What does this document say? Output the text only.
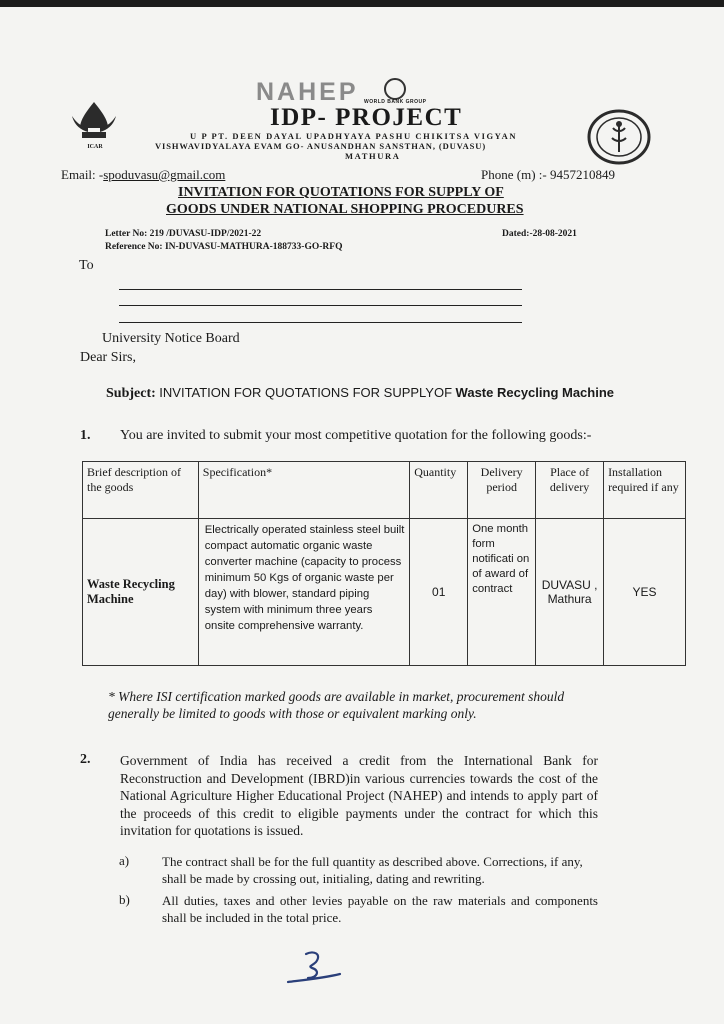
NAHEP WORLD BANK GROUP
IDP- PROJECT
U P PT. DEEN DAYAL UPADHYAYA PASHU CHIKITSA VIGYAN
VISHWAVIDYALAYA EVAM GO- ANUSANDHAN SANSTHAN, (DUVASU)
MATHURA
ICAR
Email: -spoduvasu@gmail.com	Phone (m) :- 9457210849
INVITATION FOR QUOTATIONS FOR SUPPLY OF
GOODS UNDER NATIONAL SHOPPING PROCEDURES
Letter No: 219 /DUVASU-IDP/2021-22
Reference No: IN-DUVASU-MATHURA-188733-GO-RFQ
Dated:-28-08-2021
To
University Notice Board
Dear Sirs,
Subject: INVITATION FOR QUOTATIONS FOR SUPPLYOF Waste Recycling Machine
1. You are invited to submit your most competitive quotation for the following goods:-
Brief description of the goods	Specification*	Quantity	Delivery period	Place of delivery	Installation required if any
Waste Recycling Machine	Electrically operated stainless steel built compact automatic organic waste converter machine (capacity to process minimum 50 Kgs of organic waste per day) with blower, standard piping system with minimum three years onsite comprehensive warranty.	01	One month form notificati on of award of contract	DUVASU , Mathura	YES
* Where ISI certification marked goods are available in market, procurement should generally be limited to goods with those or equivalent marking only.
2. Government of India has received a credit from the International Bank for Reconstruction and Development (IBRD)in various currencies towards the cost of the National Agriculture Higher Educational Project (NAHEP) and intends to apply part of the proceeds of this credit to eligible payments under the contract for which this invitation for quotations is issued.
a)	The contract shall be for the full quantity as described above. Corrections, if any, shall be made by crossing out, initialing, dating and rewriting.
b) All duties, taxes and other levies payable on the raw materials and components shall be included in the total price.
